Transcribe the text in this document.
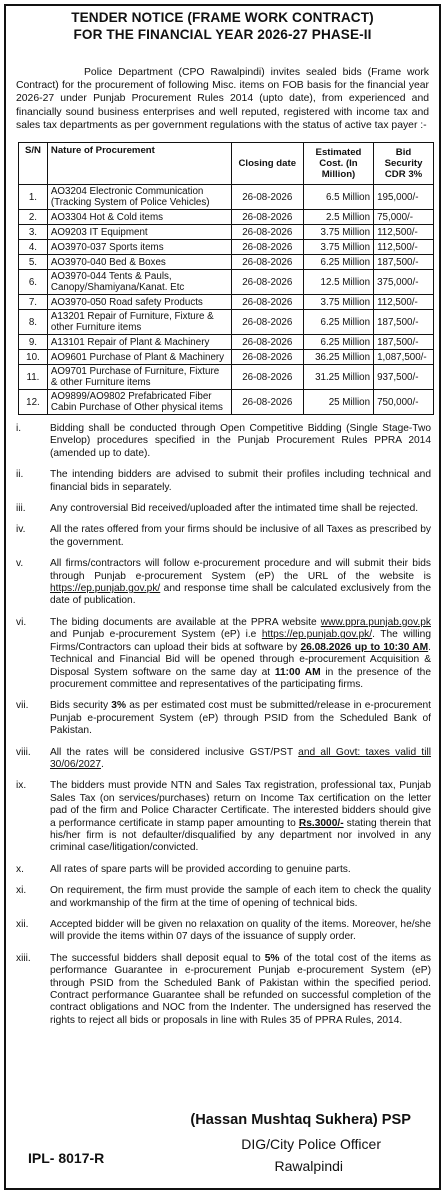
TENDER NOTICE (FRAME WORK CONTRACT)
FOR THE FINANCIAL YEAR 2026-27 PHASE-II

Police Department (CPO Rawalpindi) invites sealed bids (Frame work Contract) for the procurement of following Misc. items on FOB basis for the financial year 2026-27 under Punjab Procurement Rules 2014 (upto date), from experienced and financially sound business enterprises and well reputed, registered with income tax and sales tax departments as per government regulations with the status of active tax payer :-

S/N	Nature of Procurement	Closing date	Estimated Cost. (In Million)	Bid Security CDR 3%
1.	AO3204 Electronic Communication (Tracking System of Police Vehicles)	26-08-2026	6.5 Million	195,000/-
2.	AO3304 Hot & Cold items	26-08-2026	2.5 Million	75,000/-
3.	AO9203 IT Equipment	26-08-2026	3.75 Million	112,500/-
4.	AO3970-037 Sports items	26-08-2026	3.75 Million	112,500/-
5.	AO3970-040 Bed & Boxes	26-08-2026	6.25 Million	187,500/-
6.	AO3970-044 Tents & Pauls, Canopy/Shamiyana/Kanat. Etc	26-08-2026	12.5 Million	375,000/-
7.	AO3970-050 Road safety Products	26-08-2026	3.75 Million	112,500/-
8.	A13201 Repair of Furniture, Fixture & other Furniture items	26-08-2026	6.25 Million	187,500/-
9.	A13101 Repair of Plant & Machinery	26-08-2026	6.25 Million	187,500/-
10.	AO9601 Purchase of Plant & Machinery	26-08-2026	36.25 Million	1,087,500/-
11.	AO9701 Purchase of Furniture, Fixture & other Furniture items	26-08-2026	31.25 Million	937,500/-
12.	AO9899/AO9802 Prefabricated Fiber Cabin Purchase of Other physical items	26-08-2026	25 Million	750,000/-
i.	Bidding shall be conducted through Open Competitive Bidding (Single Stage-Two Envelop) procedures specified in the Punjab Procurement Rules PPRA 2014 (amended up to date).
ii.	The intending bidders are advised to submit their profiles including technical and financial bids in separately.
iii.	Any controversial Bid received/uploaded after the intimated time shall be rejected.
iv.	All the rates offered from your firms should be inclusive of all Taxes as prescribed by the government.
v.	All firms/contractors will follow e-procurement procedure and will submit their bids through Punjab e-procurement System (eP) the URL of the website is https://ep.punjab.gov.pk/ and response time shall be calculated exclusively from the date of publication.
vi.	The biding documents are available at the PPRA website www.ppra.punjab.gov.pk and Punjab e-procurement System (eP) i.e https://ep.punjab.gov.pk/. The willing Firms/Contractors can upload their bids at software by 26.08.2026 up to 10:30 AM. Technical and Financial Bid will be opened through e-procurement Acquisition & Disposal System software on the same day at 11:00 AM in the presence of the procurement committee and representatives of the participating firms.
vii.	Bids security 3% as per estimated cost must be submitted/release in e-procurement Punjab e-procurement System (eP) through PSID from the Scheduled Bank of Pakistan.
viii.	All the rates will be considered inclusive GST/PST and all Govt: taxes valid till 30/06/2027.
ix.	The bidders must provide NTN and Sales Tax registration, professional tax, Punjab Sales Tax (on services/purchases) return on Income Tax certification on the letter pad of the firm and Police Character Certificate. The interested bidders should give a performance certificate in stamp paper amounting to Rs.3000/- stating therein that his/her firm is not defaulter/disqualified by any department nor involved in any criminal case/litigation/convicted.
x.	All rates of spare parts will be provided according to genuine parts.
xi.	On requirement, the firm must provide the sample of each item to check the quality and workmanship of the firm at the time of opening of technical bids.
xii.	Accepted bidder will be given no relaxation on quality of the items. Moreover, he/she will provide the items within 07 days of the issuance of supply order.
xiii.	The successful bidders shall deposit equal to 5% of the total cost of the items as performance Guarantee in e-procurement Punjab e-procurement System (eP) through PSID from the Scheduled Bank of Pakistan within the specified period. Contract performance Guarantee shall be refunded on successful completion of the contract obligations and NOC from the Indenter. The undersigned has reserved the rights to reject all bids or proposals in line with Rules 35 of PPRA Rules, 2014.
(Hassan Mushtaq Sukhera) PSP
DIG/City Police Officer
Rawalpindi
IPL- 8017-R
